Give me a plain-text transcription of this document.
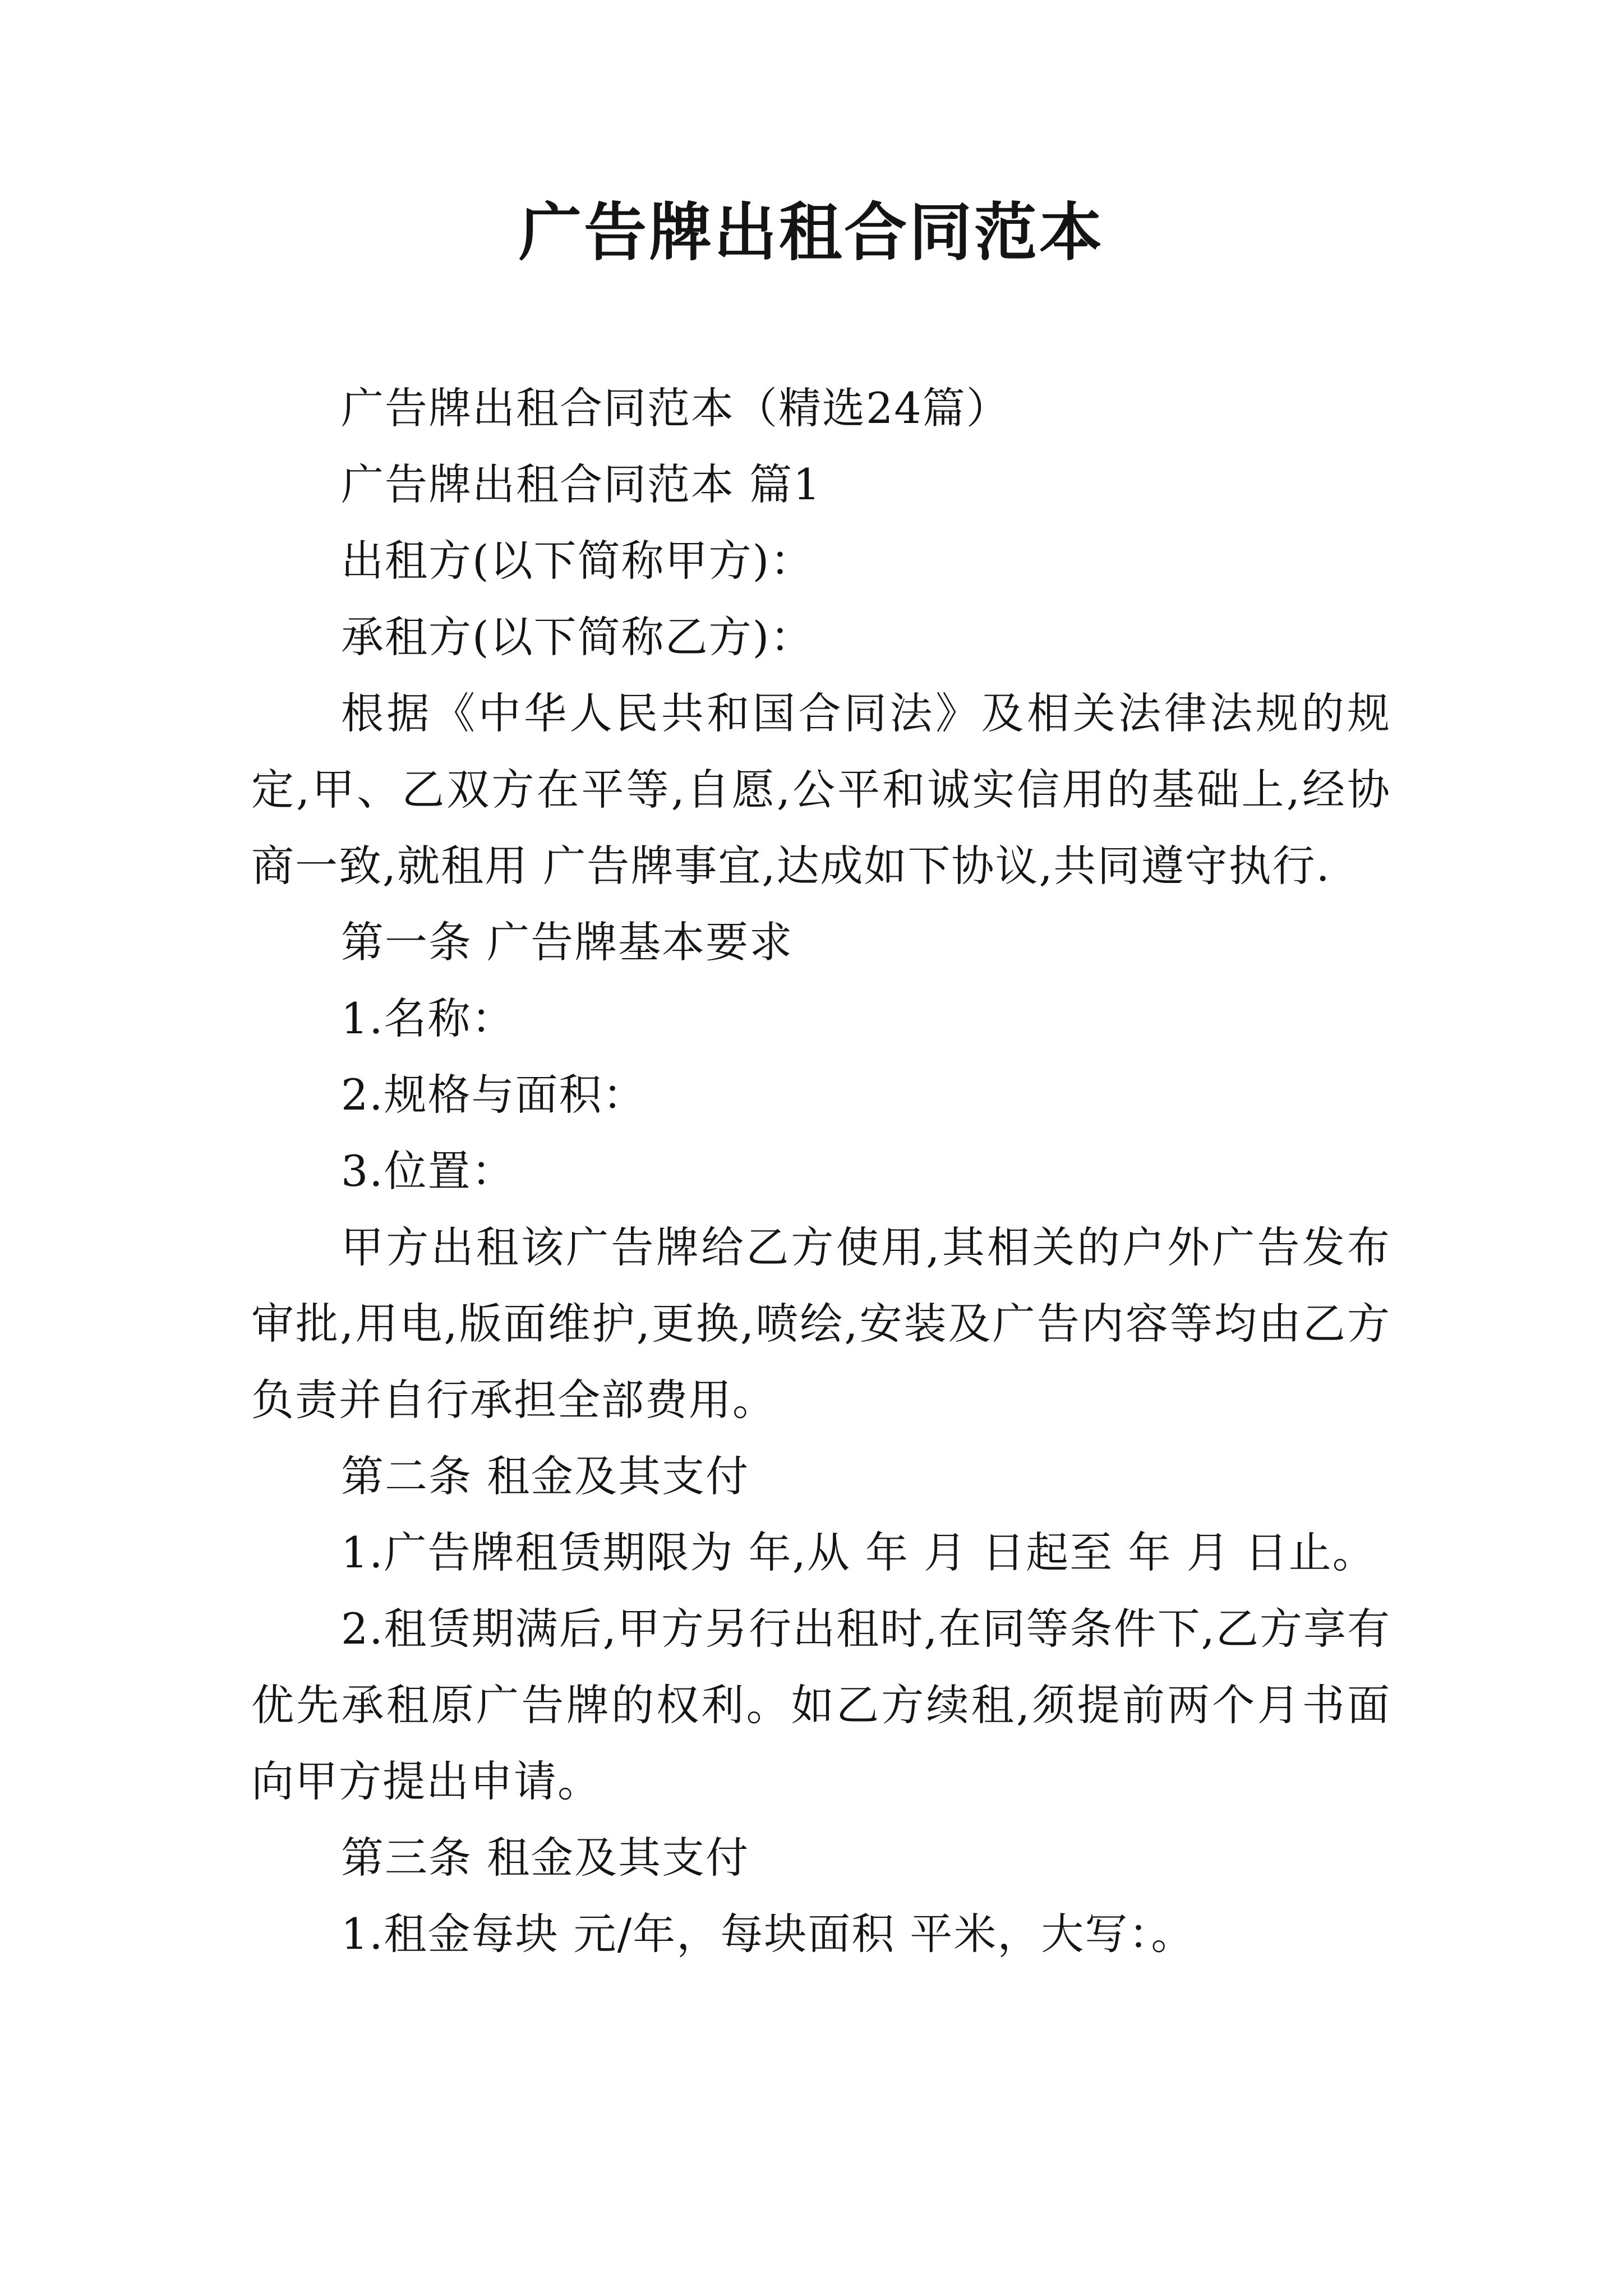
广告牌出租合同范本

广告牌出租合同范本（精选24篇）

广告牌出租合同范本 篇1

出租方(以下简称甲方)：

承租方(以下简称乙方)：

根据《中华人民共和国合同法》及相关法律法规的规定,甲、乙双方在平等,自愿,公平和诚实信用的基础上,经协商一致,就租用 广告牌事宜,达成如下协议,共同遵守执行.

第一条 广告牌基本要求

1.名称：

2.规格与面积：

3.位置：

甲方出租该广告牌给乙方使用,其相关的户外广告发布审批,用电,版面维护,更换,喷绘,安装及广告内容等均由乙方负责并自行承担全部费用。

第二条 租金及其支付

1.广告牌租赁期限为 年,从 年 月 日起至 年 月 日止。

2.租赁期满后,甲方另行出租时,在同等条件下,乙方享有优先承租原广告牌的权利。如乙方续租,须提前两个月书面向甲方提出申请。

第三条 租金及其支付

1.租金每块 元/年，每块面积 平米，大写：。
